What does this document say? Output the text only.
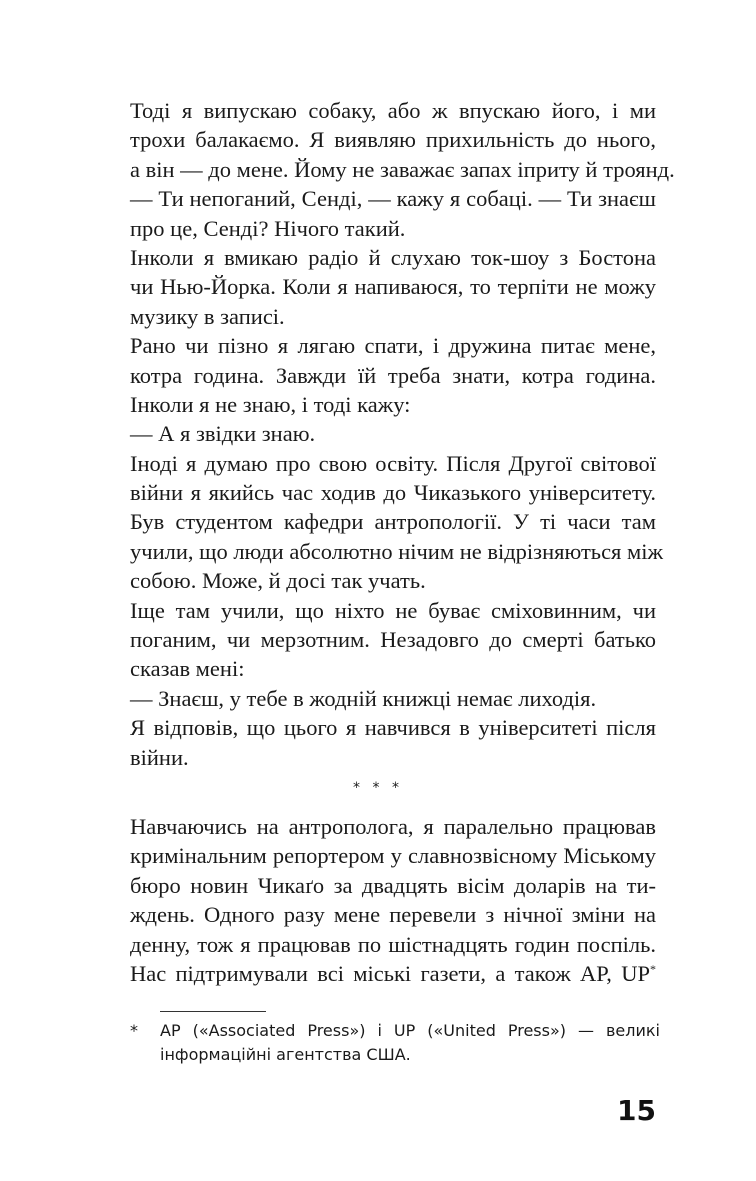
Тоді я випускаю собаку, або ж впускаю його, і ми
трохи балакаємо. Я виявляю прихильність до нього,
а він — до мене. Йому не заважає запах іприту й троянд.
— Ти непоганий, Сенді, — кажу я собаці. — Ти знаєш
про це, Сенді? Нічого такий.
Інколи я вмикаю радіо й слухаю ток-шоу з Бостона
чи Нью-Йорка. Коли я напиваюся, то терпіти не можу
музику в записі.
Рано чи пізно я лягаю спати, і дружина питає мене,
котра година. Завжди їй треба знати, котра година.
Інколи я не знаю, і тоді кажу:
— А я звідки знаю.
Іноді я думаю про свою освіту. Після Другої світової
війни я якийсь час ходив до Чиказького університету.
Був студентом кафедри антропології. У ті часи там
учили, що люди абсолютно нічим не відрізняються між
собою. Може, й досі так учать.
Іще там учили, що ніхто не буває сміховинним, чи
поганим, чи мерзотним. Незадовго до смерті батько
сказав мені:
— Знаєш, у тебе в жодній книжці немає лиходія.
Я відповів, що цього я навчився в університеті після
війни.
* * *
Навчаючись на антрополога, я паралельно працював
кримінальним репортером у славнозвісному Міському
бюро новин Чикаґо за двадцять вісім доларів на ти-
ждень. Одного разу мене перевели з нічної зміни на
денну, тож я працював по шістнадцять годин поспіль.
Нас підтримували всі міські газети, а також AP, UP*
* AP («Associated Press») і UP («United Press») — великі
інформаційні агентства США.
15
